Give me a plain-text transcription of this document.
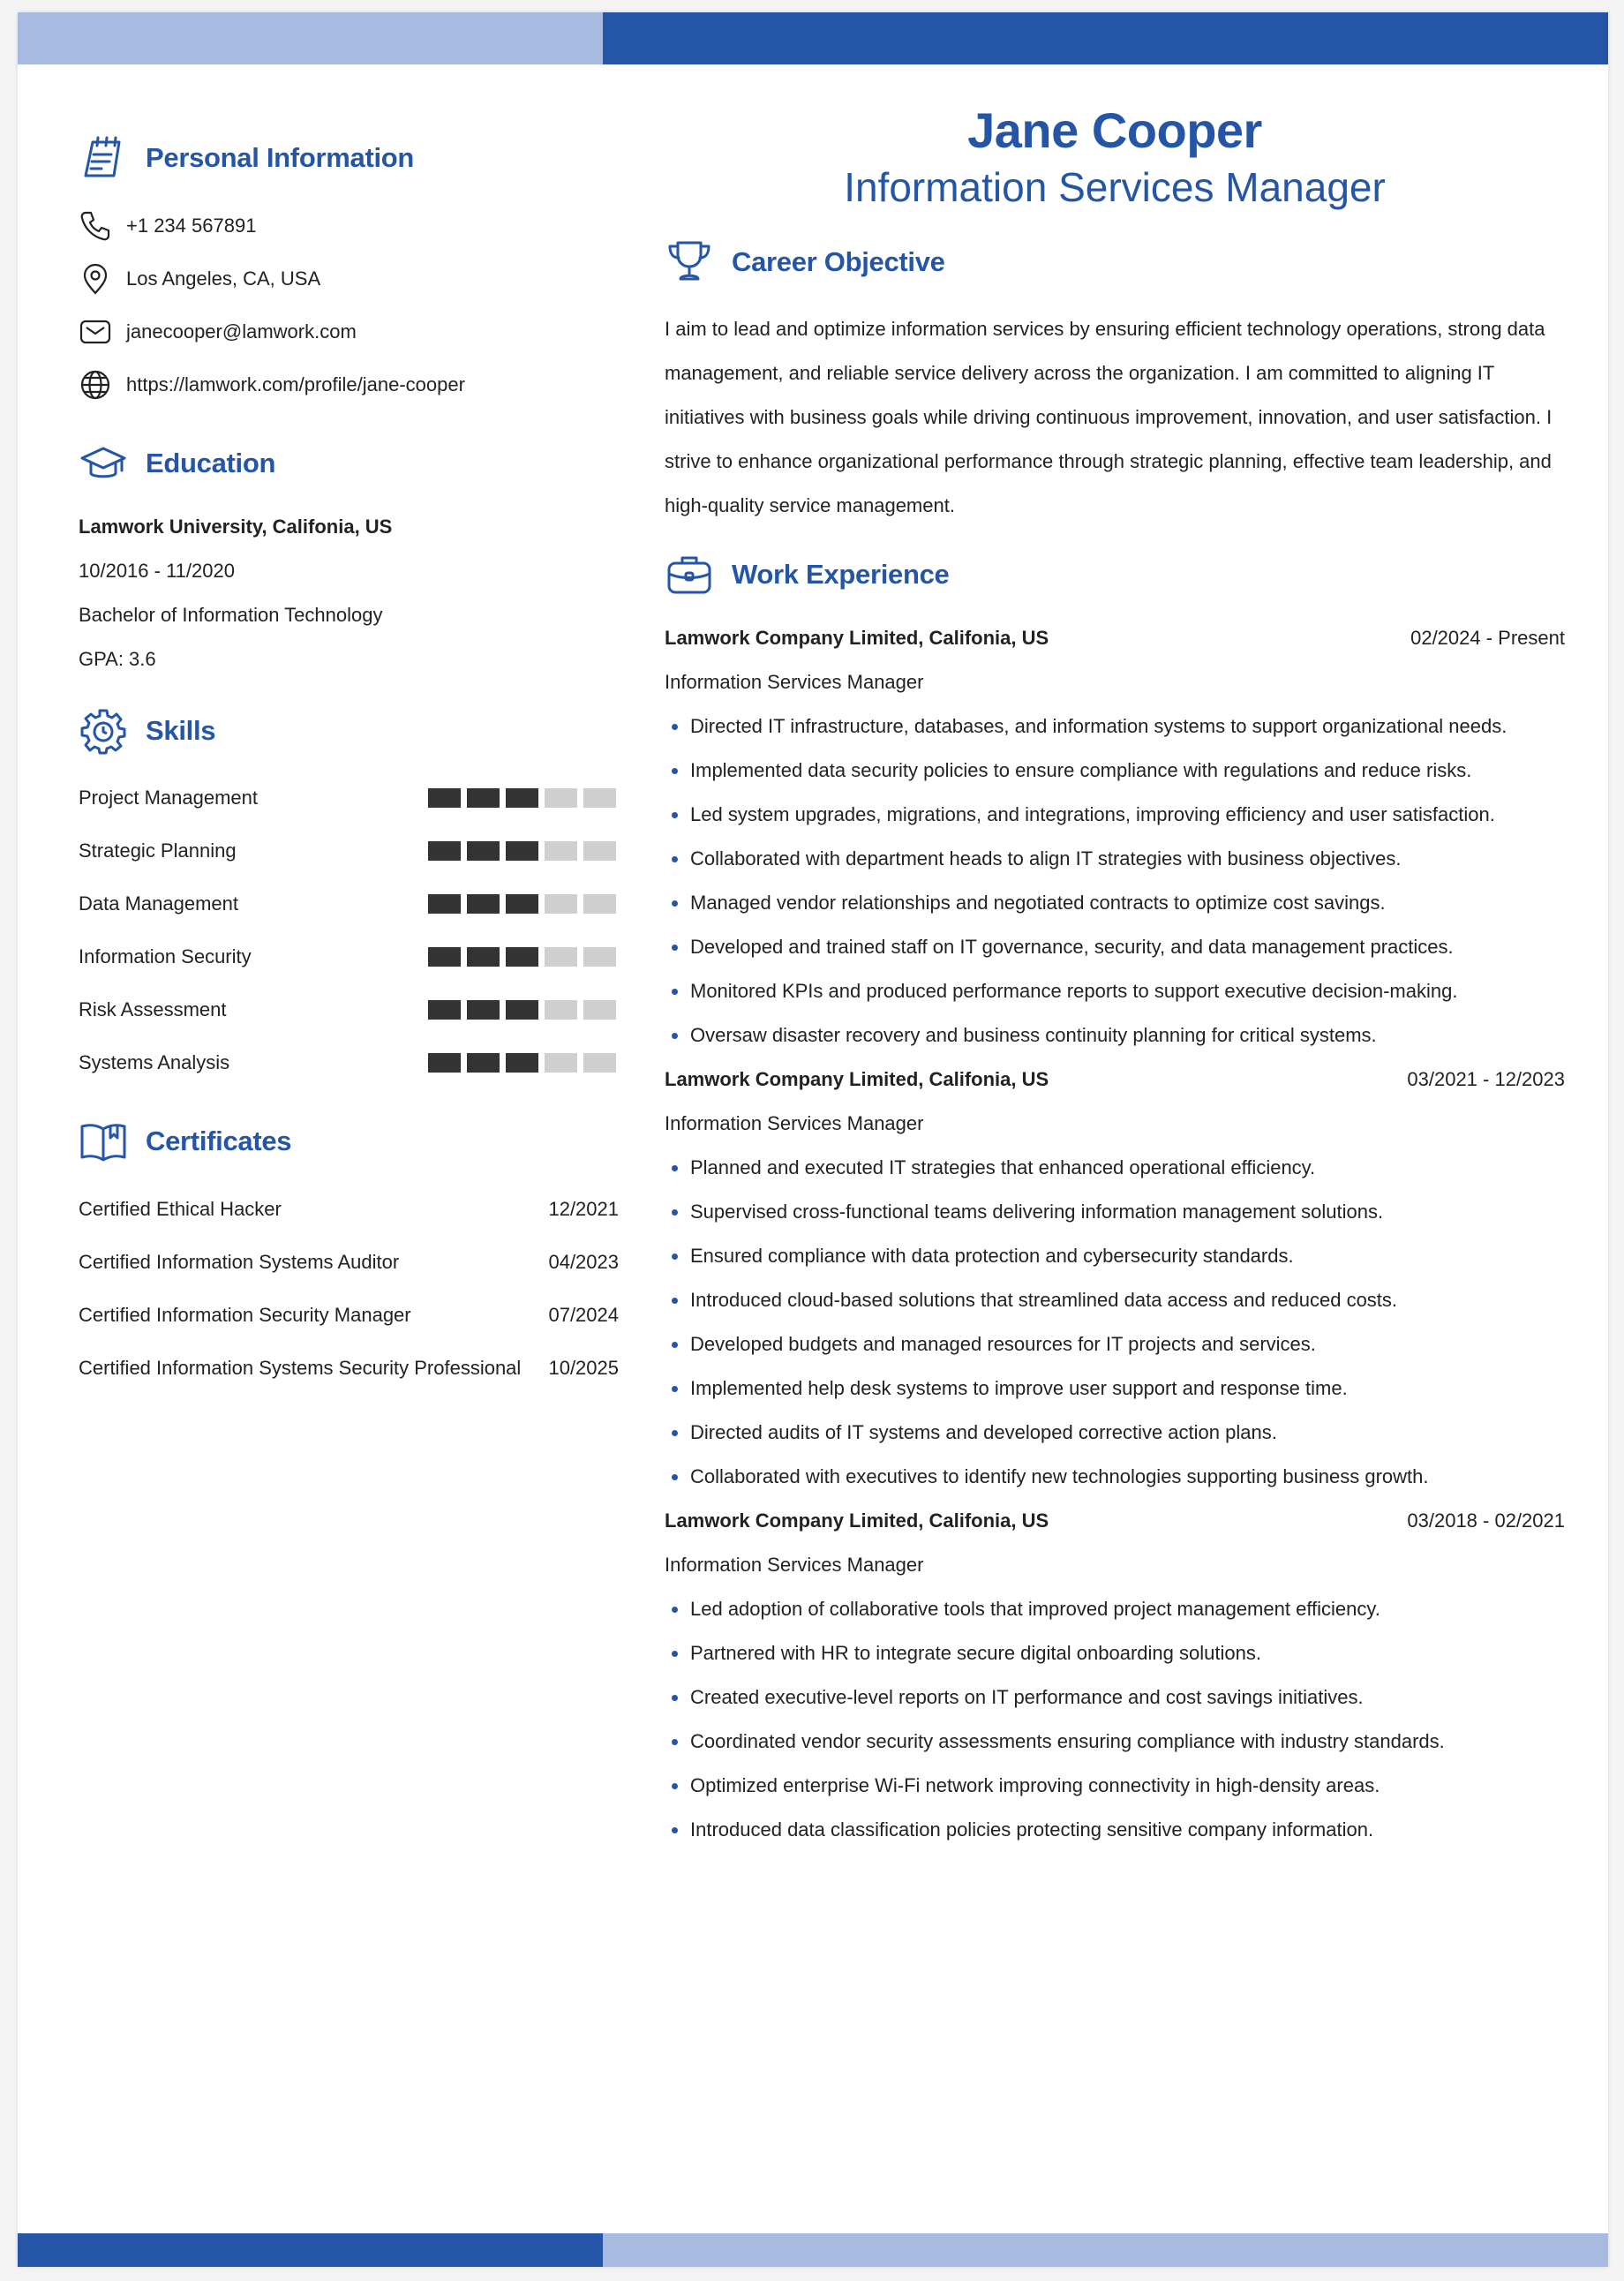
Personal Information
+1 234 567891
Los Angeles, CA, USA
janecooper@lamwork.com
https://lamwork.com/profile/jane-cooper
Education
Lamwork University, Califonia, US
10/2016 - 11/2020
Bachelor of Information Technology
GPA: 3.6
Skills
Project Management
Strategic Planning
Data Management
Information Security
Risk Assessment
Systems Analysis
Certificates
Certified Ethical Hacker	12/2021
Certified Information Systems Auditor	04/2023
Certified Information Security Manager	07/2024
Certified Information Systems Security Professional 10/2025
Jane Cooper
Information Services Manager
Career Objective
I aim to lead and optimize information services by ensuring efficient technology operations, strong data management, and reliable service delivery across the organization. I am committed to aligning IT initiatives with business goals while driving continuous improvement, innovation, and user satisfaction. I strive to enhance organizational performance through strategic planning, effective team leadership, and high-quality service management.
Work Experience
Lamwork Company Limited, Califonia, US	02/2024 - Present
Information Services Manager
Directed IT infrastructure, databases, and information systems to support organizational needs.
Implemented data security policies to ensure compliance with regulations and reduce risks.
Led system upgrades, migrations, and integrations, improving efficiency and user satisfaction.
Collaborated with department heads to align IT strategies with business objectives.
Managed vendor relationships and negotiated contracts to optimize cost savings.
Developed and trained staff on IT governance, security, and data management practices.
Monitored KPIs and produced performance reports to support executive decision-making.
Oversaw disaster recovery and business continuity planning for critical systems.
Lamwork Company Limited, Califonia, US	03/2021 - 12/2023
Information Services Manager
Planned and executed IT strategies that enhanced operational efficiency.
Supervised cross-functional teams delivering information management solutions.
Ensured compliance with data protection and cybersecurity standards.
Introduced cloud-based solutions that streamlined data access and reduced costs.
Developed budgets and managed resources for IT projects and services.
Implemented help desk systems to improve user support and response time.
Directed audits of IT systems and developed corrective action plans.
Collaborated with executives to identify new technologies supporting business growth.
Lamwork Company Limited, Califonia, US	03/2018 - 02/2021
Information Services Manager
Led adoption of collaborative tools that improved project management efficiency.
Partnered with HR to integrate secure digital onboarding solutions.
Created executive-level reports on IT performance and cost savings initiatives.
Coordinated vendor security assessments ensuring compliance with industry standards.
Optimized enterprise Wi-Fi network improving connectivity in high-density areas.
Introduced data classification policies protecting sensitive company information.
